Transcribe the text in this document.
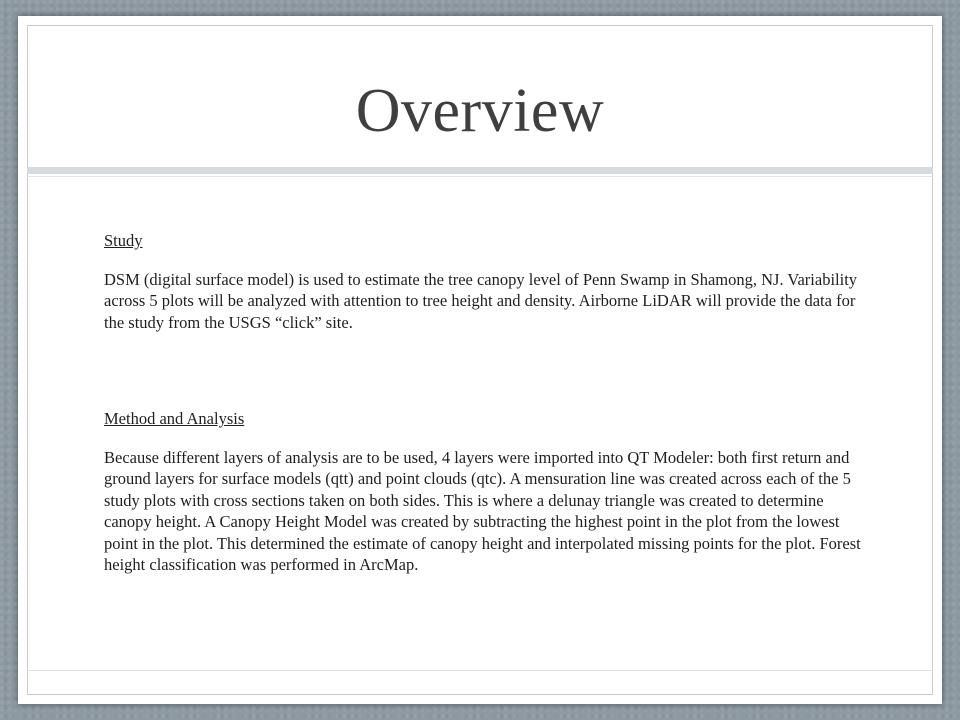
Overview

Study

DSM (digital surface model) is used to estimate the tree canopy level of Penn Swamp in Shamong, NJ. Variability across 5 plots will be analyzed with attention to tree height and density. Airborne LiDAR will provide the data for the study from the USGS “click” site.

Method and Analysis

Because different layers of analysis are to be used, 4 layers were imported into QT Modeler: both first return and ground layers for surface models (qtt) and point clouds (qtc). A mensuration line was created across each of the 5 study plots with cross sections taken on both sides. This is where a delunay triangle was created to determine canopy height. A Canopy Height Model was created by subtracting the highest point in the plot from the lowest point in the plot. This determined the estimate of canopy height and interpolated missing points for the plot. Forest height classification was performed in ArcMap.
